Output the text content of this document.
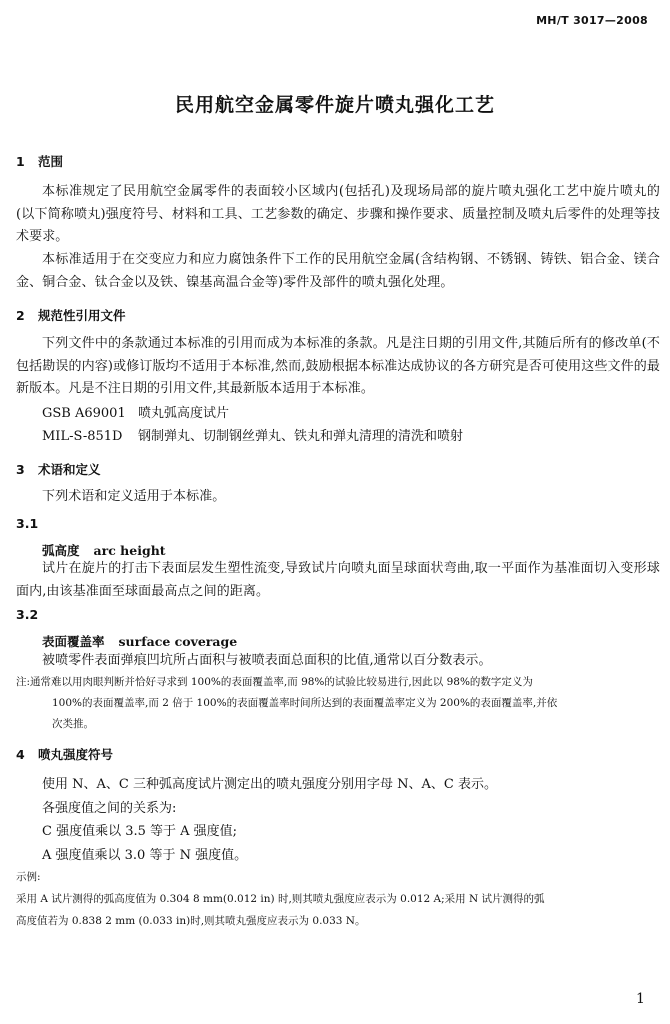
MH/T 3017—2008
民用航空金属零件旋片喷丸强化工艺
1 范围
本标准规定了民用航空金属零件的表面较小区域内(包括孔)及现场局部的旋片喷丸强化工艺中旋片喷丸的(以下简称喷丸)强度符号、材料和工具、工艺参数的确定、步骤和操作要求、质量控制及喷丸后零件的处理等技术要求。
本标准适用于在交变应力和应力腐蚀条件下工作的民用航空金属(含结构钢、不锈钢、铸铁、铝合金、镁合金、铜合金、钛合金以及铁、镍基高温合金等)零件及部件的喷丸强化处理。
2 规范性引用文件
下列文件中的条款通过本标准的引用而成为本标准的条款。凡是注日期的引用文件,其随后所有的修改单(不包括勘误的内容)或修订版均不适用于本标准,然而,鼓励根据本标准达成协议的各方研究是否可使用这些文件的最新版本。凡是不注日期的引用文件,其最新版本适用于本标准。
GSB A69001 喷丸弧高度试片
MIL-S-851D 钢制弹丸、切制钢丝弹丸、铁丸和弹丸清理的清洗和喷射
3 术语和定义
下列术语和定义适用于本标准。
3.1
弧高度 arc height
试片在旋片的打击下表面层发生塑性流变,导致试片向喷丸面呈球面状弯曲,取一平面作为基准面切入变形球面内,由该基准面至球面最高点之间的距离。
3.2
表面覆盖率 surface coverage
被喷零件表面弹痕凹坑所占面积与被喷表面总面积的比值,通常以百分数表示。
注:通常难以用肉眼判断并恰好寻求到 100%的表面覆盖率,而 98%的试验比较易进行,因此以 98%的数字定义为
100%的表面覆盖率,而 2 倍于 100%的表面覆盖率时间所达到的表面覆盖率定义为 200%的表面覆盖率,并依
次类推。
4 喷丸强度符号
使用 N、A、C 三种弧高度试片测定出的喷丸强度分别用字母 N、A、C 表示。
各强度值之间的关系为:
C 强度值乘以 3.5 等于 A 强度值;
A 强度值乘以 3.0 等于 N 强度值。
示例:
采用 A 试片测得的弧高度值为 0.304 8 mm(0.012 in) 时,则其喷丸强度应表示为 0.012 A;采用 N 试片测得的弧
高度值若为 0.838 2 mm (0.033 in)时,则其喷丸强度应表示为 0.033 N。
1
